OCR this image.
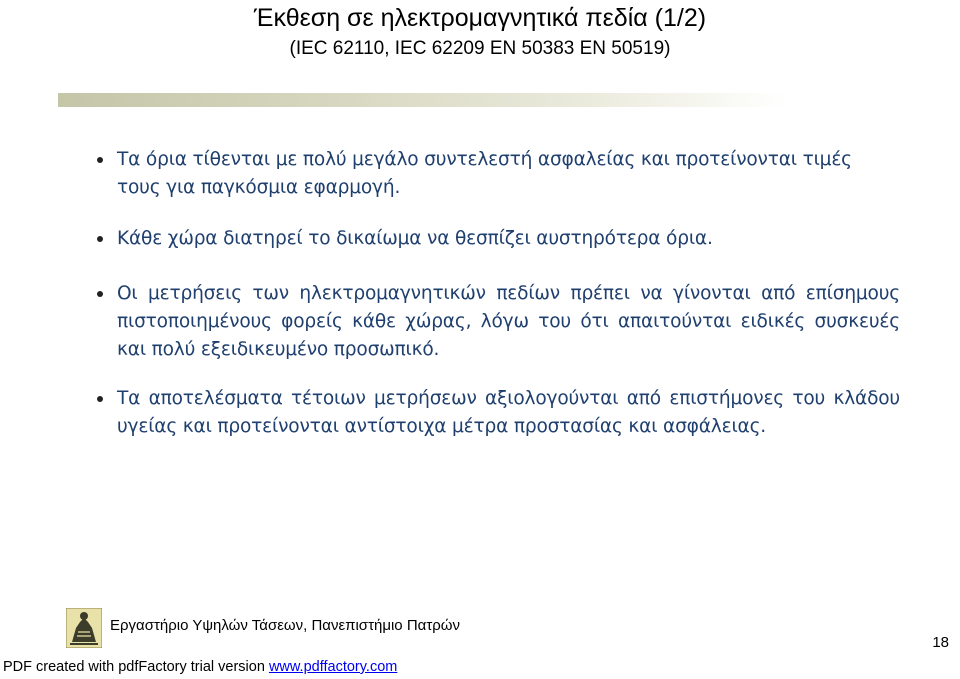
Έκθεση σε ηλεκτρομαγνητικά πεδία (1/2)
(IEC 62110, IEC 62209 EN 50383 EN 50519)
Τα όρια τίθενται με πολύ μεγάλο συντελεστή ασφαλείας και προτείνονται τιμές τους για παγκόσμια εφαρμογή.
Κάθε χώρα διατηρεί το δικαίωμα να θεσπίζει αυστηρότερα όρια.
Οι μετρήσεις των ηλεκτρομαγνητικών πεδίων πρέπει να γίνονται από επίσημους πιστοποιημένους φορείς κάθε χώρας, λόγω του ότι απαιτούνται ειδικές συσκευές και πολύ εξειδικευμένο προσωπικό.
Τα αποτελέσματα τέτοιων μετρήσεων αξιολογούνται από επιστήμονες του κλάδου υγείας και προτείνονται αντίστοιχα μέτρα προστασίας και ασφάλειας.
Εργαστήριο Υψηλών Τάσεων, Πανεπιστήμιο Πατρών
18
PDF created with pdfFactory trial version www.pdffactory.com
